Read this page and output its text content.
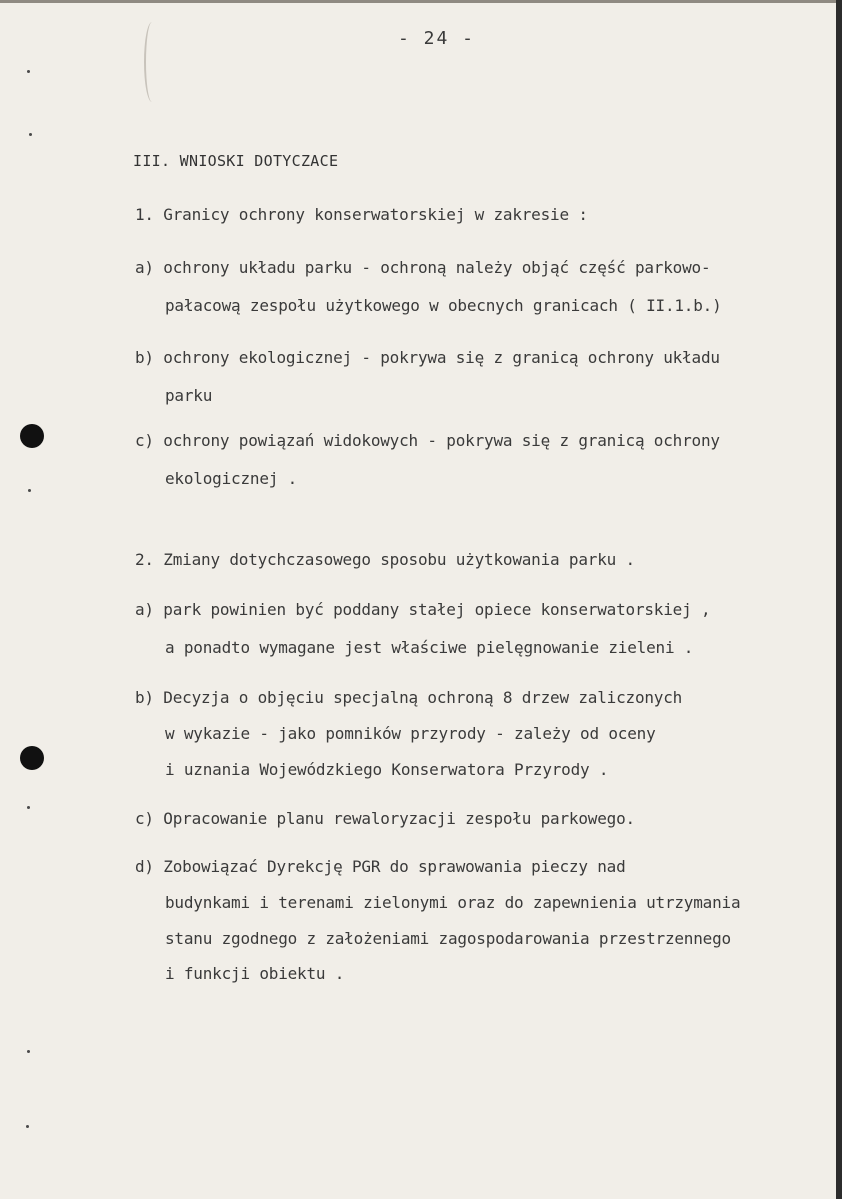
- 24 -
III. WNIOSKI DOTYCZACE
1. Granicy ochrony konserwatorskiej w zakresie :
a) ochrony układu parku - ochroną należy objąć część parkowo-
pałacową zespołu użytkowego w obecnych granicach ( II.1.b.)
b) ochrony ekologicznej - pokrywa się z granicą ochrony układu
parku
c) ochrony powiązań widokowych - pokrywa się z granicą ochrony
ekologicznej .
2. Zmiany dotychczasowego sposobu użytkowania parku .
a) park powinien być poddany stałej opiece konserwatorskiej ,
a ponadto wymagane jest właściwe pielęgnowanie zieleni .
b) Decyzja o objęciu specjalną ochroną 8 drzew zaliczonych
w wykazie - jako pomników przyrody - zależy od oceny
i uznania Wojewódzkiego Konserwatora Przyrody .
c) Opracowanie planu rewaloryzacji zespołu parkowego.
d) Zobowiązać Dyrekcję PGR do sprawowania pieczy nad
budynkami i terenami zielonymi oraz do zapewnienia utrzymania
stanu zgodnego z założeniami zagospodarowania przestrzennego
i funkcji obiektu .
